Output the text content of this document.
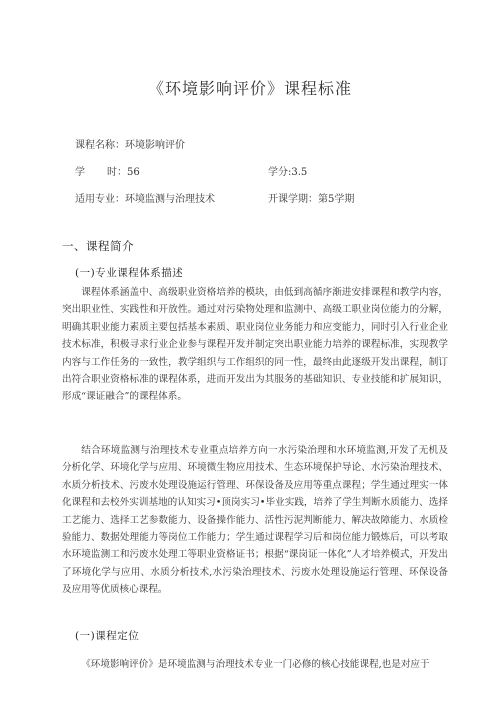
《环境影响评价》课程标准
课程名称：环境影响评价
学 时：56	学分:3.5
适用专业：环境监测与治理技术	开课学期：第5学期
一、课程简介
(一)专业课程体系描述

课程体系涵盖中、高级职业资格培养的模块，由低到高循序渐进安排课程和教学内容，突出职业性、实践性和开放性。通过对污染物处理和监测中、高级工职业岗位能力的分解，明确其职业能力素质主要包括基本素质、职业岗位业务能力和应变能力，同时引入行业企业技术标准，积极寻求行业企业参与课程开发并制定突出职业能力培养的课程标准，实现教学内容与工作任务的一致性，教学组织与工作组织的同一性，最终由此逐级开发出课程，制订出符合职业资格标准的课程体系，进而开发出为其服务的基础知识、专业技能和扩展知识，形成“课证融合”的课程体系。

结合环境监测与治理技术专业重点培养方向一水污染治理和水环境监测,开发了无机及分析化学、环境化学与应用、环境微生物应用技术、生态环境保护导论、水污染治理技术、水质分析技术、污废水处理设施运行管理、环保设备及应用等重点课程；学生通过理实一体化课程和去校外实训基地的认知实习•顶岗实习•毕业实践，培养了学生判断水质能力、选择工艺能力、选择工艺参数能力、设备操作能力、活性污泥判断能力、解决故障能力、水质检验能力、数据处理能力等岗位工作能力；学生通过课程学习后和岗位能力锻炼后，可以考取水环境监测工和污废水处理工等职业资格证书；根据“课岗证一体化”人才培养模式，开发出了环境化学与应用、水质分析技术,水污染治理技术、污废水处理设施运行管理、环保设备及应用等优质核心课程。

(一)课程定位

《环境影响评价》是环境监测与治理技术专业一门必修的核心技能课程,也是对应于
